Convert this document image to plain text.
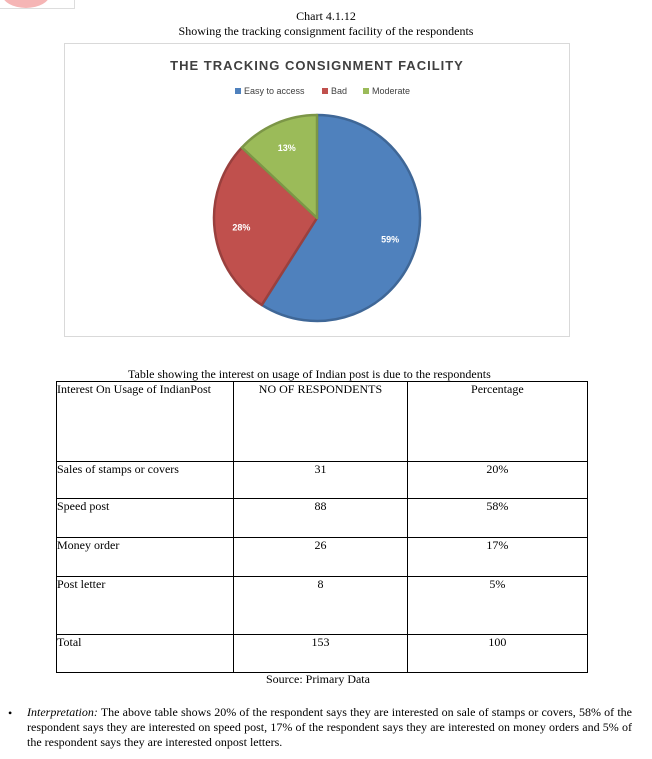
Chart 4.1.12
Showing the tracking consignment facility of the respondents
THE TRACKING CONSIGNMENT FACILITY
Easy to access	Bad	Moderate
59%
28%
13%
Table showing the interest on usage of Indian post is due to the respondents
Interest On Usage of IndianPost	NO OF RESPONDENTS	Percentage
Sales of stamps or covers	31	20%
Speed post	88	58%
Money order	26	17%
Post letter	8	5%
Total	153	100
Source: Primary Data
• Interpretation: The above table shows 20% of the respondent says they are interested on sale of stamps or covers, 58% of the respondent says they are interested on speed post, 17% of the respondent says they are interested on money orders and 5% of the respondent says they are interested onpost letters.
